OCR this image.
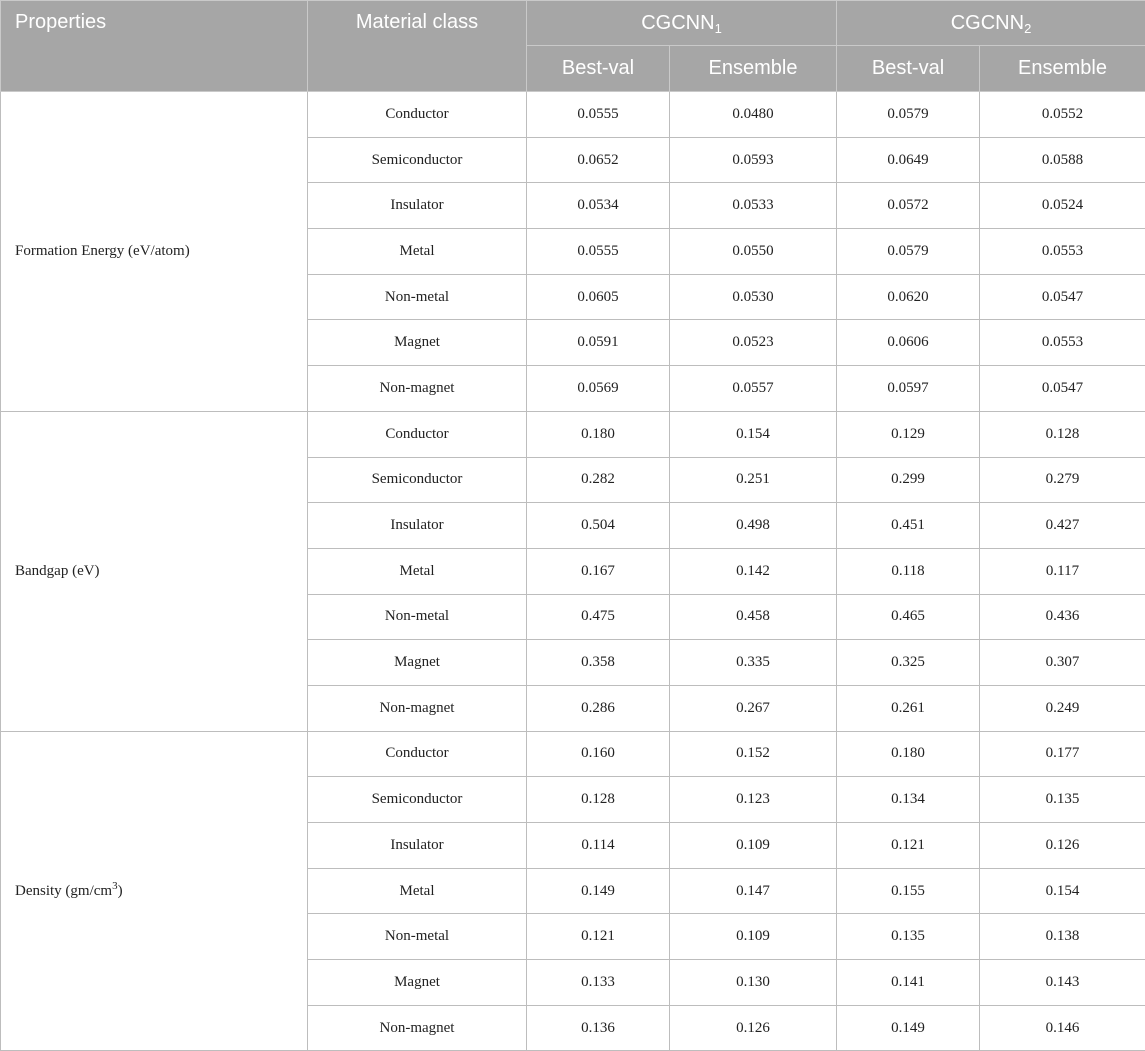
Properties	Material class	$CGCNN_1$		$CGCNN_2$
		Best-val	Ensemble	Best-val	Ensemble
Formation Energy (eV/atom)	Conductor	0.0555	0.0480	0.0579	0.0552
	Semiconductor	0.0652	0.0593	0.0649	0.0588
	Insulator	0.0534	0.0533	0.0572	0.0524
	Metal	0.0555	0.0550	0.0579	0.0553
	Non-metal	0.0605	0.0530	0.0620	0.0547
	Magnet	0.0591	0.0523	0.0606	0.0553
	Non-magnet	0.0569	0.0557	0.0597	0.0547
Bandgap (eV)	Conductor	0.180	0.154	0.129	0.128
	Semiconductor	0.282	0.251	0.299	0.279
	Insulator	0.504	0.498	0.451	0.427
	Metal	0.167	0.142	0.118	0.117
	Non-metal	0.475	0.458	0.465	0.436
	Magnet	0.358	0.335	0.325	0.307
	Non-magnet	0.286	0.267	0.261	0.249
Density $(gm/cm^3)$	Conductor	0.160	0.152	0.180	0.177
	Semiconductor	0.128	0.123	0.134	0.135
	Insulator	0.114	0.109	0.121	0.126
	Metal	0.149	0.147	0.155	0.154
	Non-metal	0.121	0.109	0.135	0.138
	Magnet	0.133	0.130	0.141	0.143
	Non-magnet	0.136	0.126	0.149	0.146
